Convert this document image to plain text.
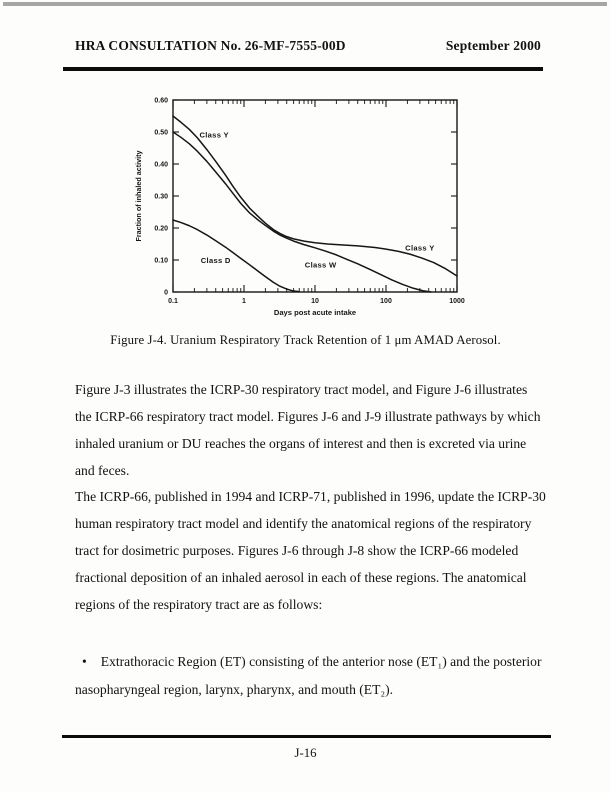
HRA CONSULTATION No. 26-MF-7555-00D	September 2000
0
0.10
0.20
0.30
0.40
0.50
0.60
0.1	1	10	100	1000
Class Y
Class D	Class W
Class Y
Days post acute intake
Fraction of inhaled activity
Figure J-4. Uranium Respiratory Track Retention of 1 μm AMAD Aerosol.

Figure J-3 illustrates the ICRP-30 respiratory tract model, and Figure J-6 illustrates the ICRP-66 respiratory tract model. Figures J-6 and J-9 illustrate pathways by which inhaled uranium or DU reaches the organs of interest and then is excreted via urine and feces.

The ICRP-66, published in 1994 and ICRP-71, published in 1996, update the ICRP-30 human respiratory tract model and identify the anatomical regions of the respiratory tract for dosimetric purposes. Figures J-6 through J-8 show the ICRP-66 modeled fractional deposition of an inhaled aerosol in each of these regions. The anatomical regions of the respiratory tract are as follows:

• Extrathoracic Region (ET) consisting of the anterior nose (ET₁) and the posterior nasopharyngeal region, larynx, pharynx, and mouth (ET₂).
J-16
